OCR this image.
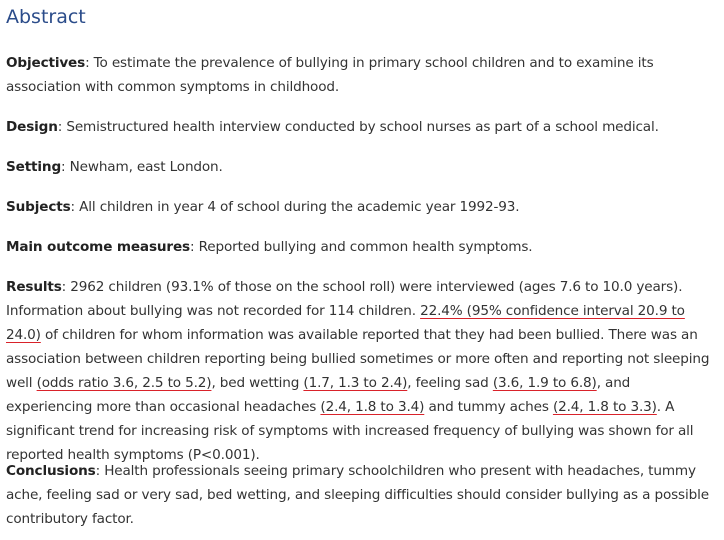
Abstract

Objectives: To estimate the prevalence of bullying in primary school children and to examine its association with common symptoms in childhood.

Design: Semistructured health interview conducted by school nurses as part of a school medical.

Setting: Newham, east London.

Subjects: All children in year 4 of school during the academic year 1992-93.

Main outcome measures: Reported bullying and common health symptoms.

Results: 2962 children (93.1% of those on the school roll) were interviewed (ages 7.6 to 10.0 years). Information about bullying was not recorded for 114 children. 22.4% (95% confidence interval 20.9 to 24.0) of children for whom information was available reported that they had been bullied. There was an association between children reporting being bullied sometimes or more often and reporting not sleeping well (odds ratio 3.6, 2.5 to 5.2), bed wetting (1.7, 1.3 to 2.4), feeling sad (3.6, 1.9 to 6.8), and experiencing more than occasional headaches (2.4, 1.8 to 3.4) and tummy aches (2.4, 1.8 to 3.3). A significant trend for increasing risk of symptoms with increased frequency of bullying was shown for all reported health symptoms (P<0.001).

Conclusions: Health professionals seeing primary schoolchildren who present with headaches, tummy ache, feeling sad or very sad, bed wetting, and sleeping difficulties should consider bullying as a possible contributory factor.
